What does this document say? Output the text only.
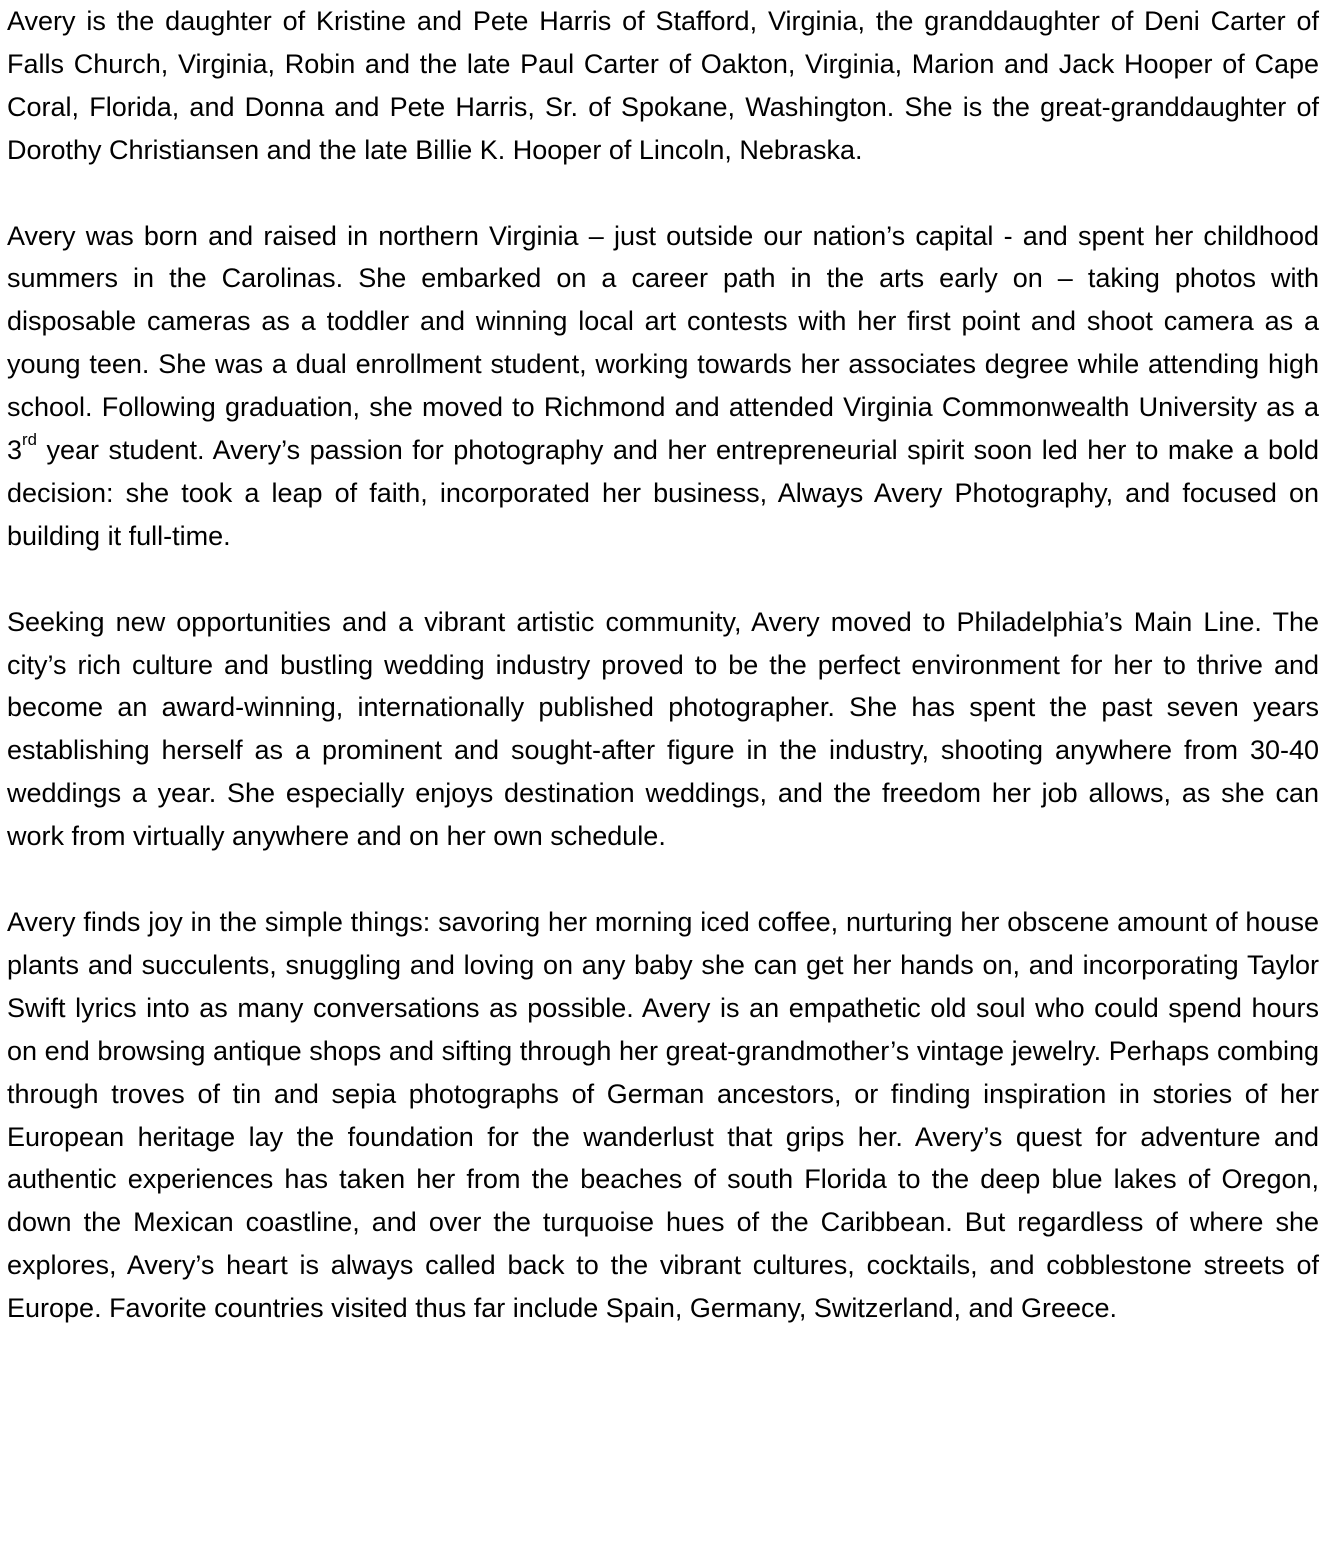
Avery is the daughter of Kristine and Pete Harris of Stafford, Virginia, the granddaughter of Deni Carter of Falls Church, Virginia, Robin and the late Paul Carter of Oakton, Virginia, Marion and Jack Hooper of Cape Coral, Florida, and Donna and Pete Harris, Sr. of Spokane, Washington. She is the great-granddaughter of Dorothy Christiansen and the late Billie K. Hooper of Lincoln, Nebraska.

Avery was born and raised in northern Virginia – just outside our nation’s capital - and spent her childhood summers in the Carolinas. She embarked on a career path in the arts early on – taking photos with disposable cameras as a toddler and winning local art contests with her first point and shoot camera as a young teen. She was a dual enrollment student, working towards her associates degree while attending high school. Following graduation, she moved to Richmond and attended Virginia Commonwealth University as a 3rd year student. Avery’s passion for photography and her entrepreneurial spirit soon led her to make a bold decision: she took a leap of faith, incorporated her business, Always Avery Photography, and focused on building it full-time.

Seeking new opportunities and a vibrant artistic community, Avery moved to Philadelphia’s Main Line. The city’s rich culture and bustling wedding industry proved to be the perfect environment for her to thrive and become an award-winning, internationally published photographer. She has spent the past seven years establishing herself as a prominent and sought-after figure in the industry, shooting anywhere from 30-40 weddings a year. She especially enjoys destination weddings, and the freedom her job allows, as she can work from virtually anywhere and on her own schedule.

Avery finds joy in the simple things: savoring her morning iced coffee, nurturing her obscene amount of house plants and succulents, snuggling and loving on any baby she can get her hands on, and incorporating Taylor Swift lyrics into as many conversations as possible. Avery is an empathetic old soul who could spend hours on end browsing antique shops and sifting through her great-grandmother’s vintage jewelry. Perhaps combing through troves of tin and sepia photographs of German ancestors, or finding inspiration in stories of her European heritage lay the foundation for the wanderlust that grips her. Avery’s quest for adventure and authentic experiences has taken her from the beaches of south Florida to the deep blue lakes of Oregon, down the Mexican coastline, and over the turquoise hues of the Caribbean. But regardless of where she explores, Avery’s heart is always called back to the vibrant cultures, cocktails, and cobblestone streets of Europe. Favorite countries visited thus far include Spain, Germany, Switzerland, and Greece.
